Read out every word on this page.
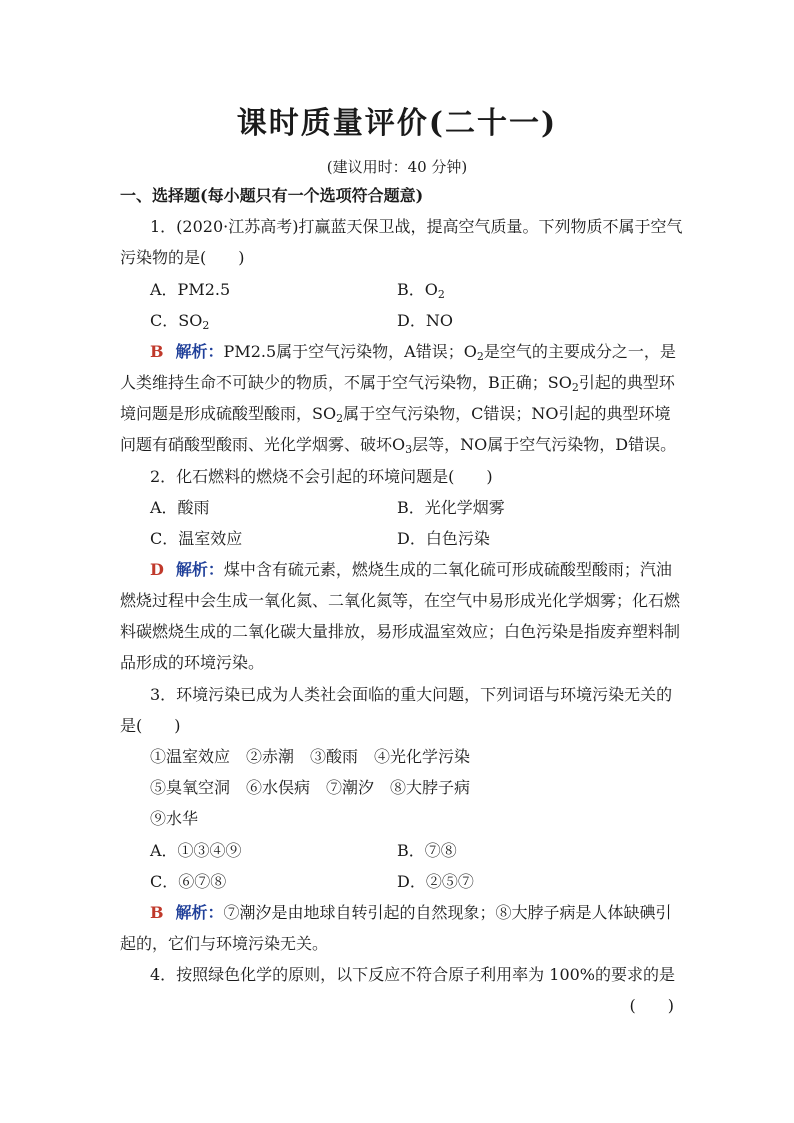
课时质量评价(二十一)
(建议用时：40 分钟)
一、选择题(每小题只有一个选项符合题意)
1．(2020·江苏高考)打赢蓝天保卫战，提高空气质量。下列物质不属于空气
污染物的是(　　)
A．PM2.5	B．$O_2$
C．$SO_2$	D．NO
B 解析：PM2.5属于空气污染物，A错误；$O_2$是空气的主要成分之一，是
人类维持生命不可缺少的物质，不属于空气污染物，B正确；$SO_2$引起的典型环
境问题是形成硫酸型酸雨，$SO_2$属于空气污染物，C错误；NO引起的典型环境
问题有硝酸型酸雨、光化学烟雾、破坏$O_3$层等，NO属于空气污染物，D错误。
2．化石燃料的燃烧不会引起的环境问题是(　　)
A．酸雨	B．光化学烟雾
C．温室效应	D．白色污染
D 解析：煤中含有硫元素，燃烧生成的二氧化硫可形成硫酸型酸雨；汽油
燃烧过程中会生成一氧化氮、二氧化氮等，在空气中易形成光化学烟雾；化石燃
料碳燃烧生成的二氧化碳大量排放，易形成温室效应；白色污染是指废弃塑料制
品形成的环境污染。
3．环境污染已成为人类社会面临的重大问题，下列词语与环境污染无关的
是(　　)
①温室效应　②赤潮　③酸雨　④光化学污染
⑤臭氧空洞　⑥水俣病　⑦潮汐　⑧大脖子病
⑨水华
A．①③④⑨	B．⑦⑧
C．⑥⑦⑧	D．②⑤⑦
B 解析：⑦潮汐是由地球自转引起的自然现象；⑧大脖子病是人体缺碘引
起的，它们与环境污染无关。
4．按照绿色化学的原则，以下反应不符合原子利用率为 100%的要求的是
(　　)
